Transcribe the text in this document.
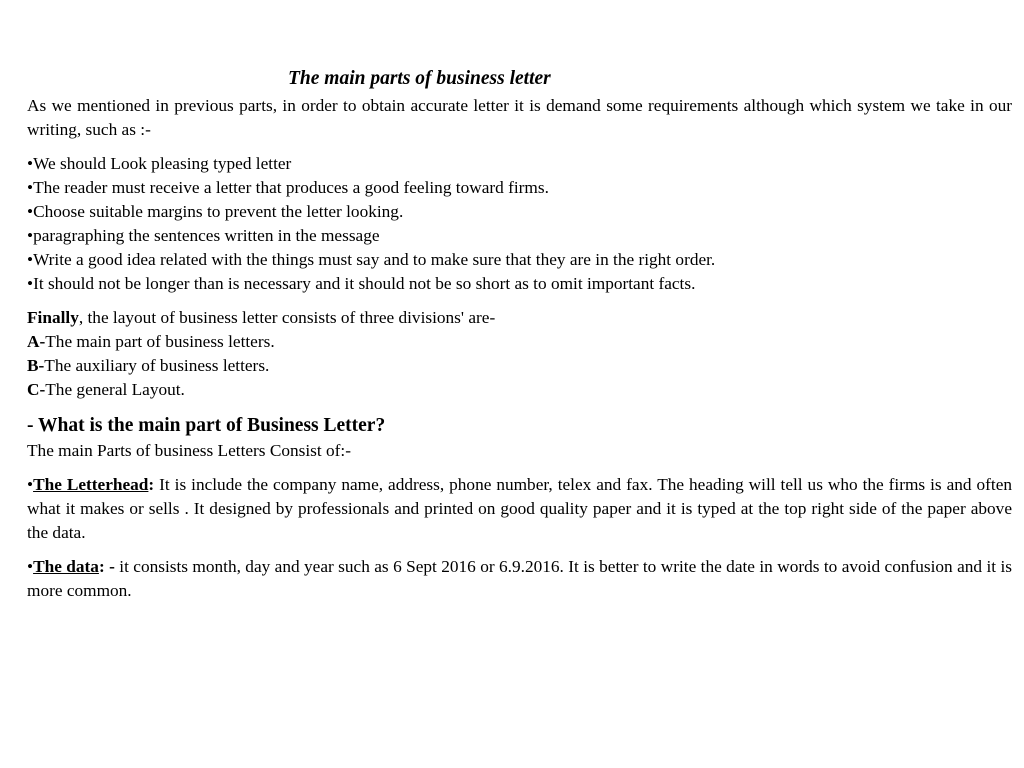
The main parts of business letter

As we mentioned in previous parts, in order to obtain accurate letter it is demand some requirements although which system we take in our writing, such as :-

•We should Look pleasing typed letter
•The reader must receive a letter that produces a good feeling toward firms.
•Choose suitable margins to prevent the letter looking.
•paragraphing the sentences written in the message
•Write a good idea related with the things must say and to make sure that they are in the right order.
•It should not be longer than is necessary and it should not be so short as to omit important facts.
Finally, the layout of business letter consists of three divisions' are-
A-The main part of business letters.
B-The auxiliary of business letters.
C-The general Layout.
- What is the main part of Business Letter?
The main Parts of business Letters Consist of:-

•The Letterhead: It is include the company name, address, phone number, telex and fax. The heading will tell us who the firms is and often what it makes or sells . It designed by professionals and printed on good quality paper and it is typed at the top right side of the paper above the data.

•The data: - it consists month, day and year such as 6 Sept 2016 or 6.9.2016. It is better to write the date in words to avoid confusion and it is more common.
